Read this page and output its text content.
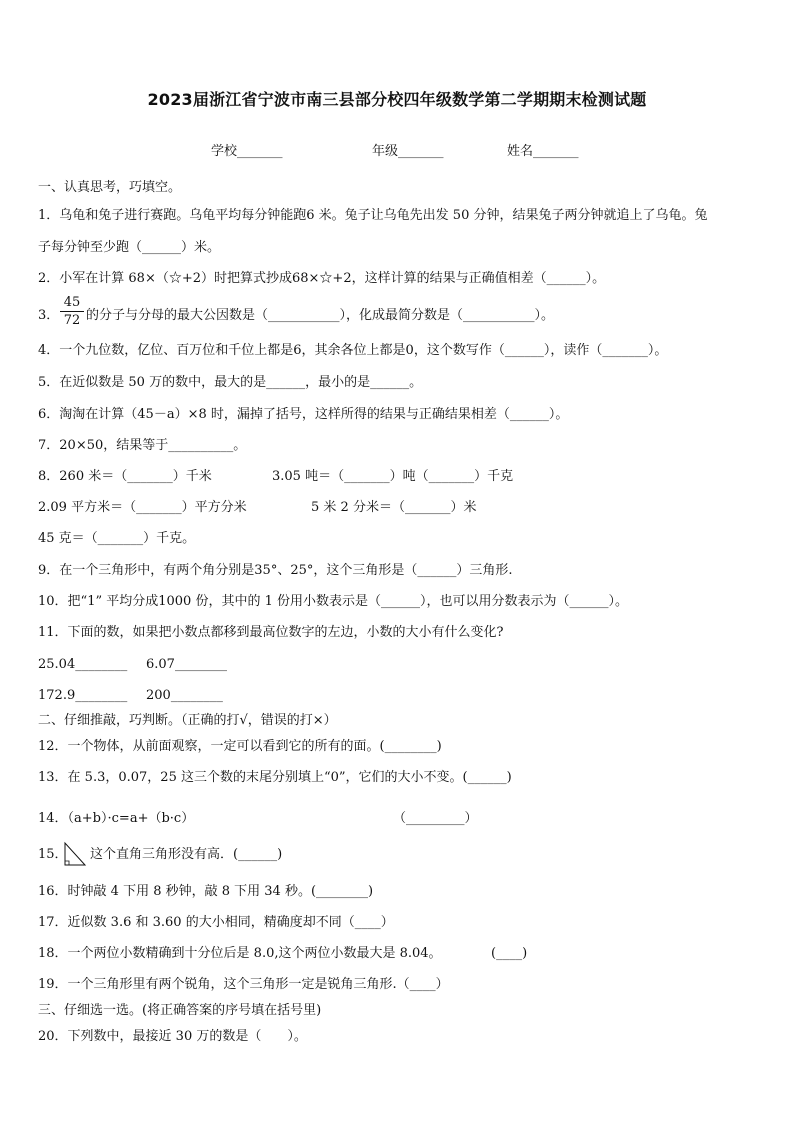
2023届浙江省宁波市南三县部分校四年级数学第二学期期末检测试题
学校_______	年级_______	姓名_______
一、认真思考，巧填空。
1．乌龟和兔子进行赛跑。乌龟平均每分钟能跑6 米。兔子让乌龟先出发 50 分钟，结果兔子两分钟就追上了乌龟。兔
子每分钟至少跑（______）米。
2．小军在计算 68×（☆+2）时把算式抄成68×☆+2，这样计算的结果与正确值相差（______）。
3． $\frac{45}{72}$ 的分子与分母的最大公因数是（___________），化成最简分数是（___________）。
4．一个九位数，亿位、百万位和千位上都是6，其余各位上都是0，这个数写作（______），读作（_______）。
5．在近似数是 50 万的数中，最大的是______，最小的是______。
6．淘淘在计算（45－a）×8 时，漏掉了括号，这样所得的结果与正确结果相差（______）。
7．20×50，结果等于__________。
8．260 米＝（_______）千米	3.05 吨＝（_______）吨（_______）千克
2.09 平方米＝（_______）平方分米	5 米 2 分米＝（_______）米
45 克＝（_______）千克。
9．在一个三角形中，有两个角分别是35°、25°，这个三角形是（______）三角形.
10．把“1” 平均分成1000 份，其中的 1 份用小数表示是（______），也可以用分数表示为（______）。
11．下面的数，如果把小数点都移到最高位数字的左边，小数的大小有什么变化?
25.04________ 6.07________
172.9________ 200________
二、仔细推敲，巧判断。（正确的打√，错误的打×）
12．一个物体，从前面观察，一定可以看到它的所有的面。(________)
13．在 5.3，0.07，25 这三个数的末尾分别填上“0”，它们的大小不变。(______)
14．（a+b）·c=a+（b·c）	（_________）
15． 这个直角三角形没有高．(______)
16．时钟敲 4 下用 8 秒钟，敲 8 下用 34 秒。(________)
17．近似数 3.6 和 3.60 的大小相同，精确度却不同（____）
18．一个两位小数精确到十分位后是 8.0,这个两位小数最大是 8.04。	(____)
19．一个三角形里有两个锐角，这个三角形一定是锐角三角形.（____）
三、仔细选一选。(将正确答案的序号填在括号里)
20．下列数中，最接近 30 万的数是（　　）。
